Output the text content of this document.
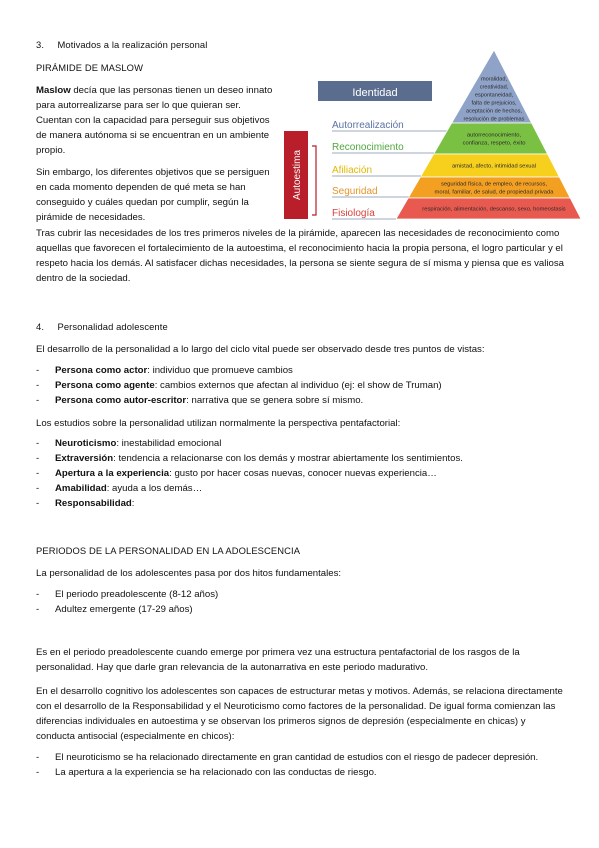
3. Motivados a la realización personal
PIRÁMIDE DE MASLOW

Maslow decía que las personas tienen un deseo innato para autorrealizarse para ser lo que quieran ser. Cuentan con la capacidad para perseguir sus objetivos de manera autónoma si se encuentran en un ambiente propio.

Sin embargo, los diferentes objetivos que se persiguen en cada momento dependen de qué meta se han conseguido y cuáles quedan por cumplir, según la pirámide de necesidades.

Identidad
Autoestima
moralidad,
creatividad,
espontaneidad,
falta de prejuicios,
aceptación de hechos,
resolución de problemas
Autorrealización
autorreconocimiento,
confianza, respeto, éxito
Reconocimiento
amistad, afecto, intimidad sexual
Afiliación
seguridad física, de empleo, de recursos,
moral, familiar, de salud, de propiedad privada
Seguridad
respiración, alimentación, descanso, sexo, homeostasis
Fisiología
Tras cubrir las necesidades de los tres primeros niveles de la pirámide, aparecen las necesidades de reconocimiento como aquellas que favorecen el fortalecimiento de la autoestima, el reconocimiento hacia la propia persona, el logro particular y el respeto hacia los demás. Al satisfacer dichas necesidades, la persona se siente segura de sí misma y piensa que es valiosa dentro de la sociedad.
4. Personalidad adolescente
El desarrollo de la personalidad a lo largo del ciclo vital puede ser observado desde tres puntos de vistas:
- Persona como actor: individuo que promueve cambios
- Persona como agente: cambios externos que afectan al individuo (ej: el show de Truman)
- Persona como autor-escritor: narrativa que se genera sobre sí mismo.
Los estudios sobre la personalidad utilizan normalmente la perspectiva pentafactorial:
- Neuroticismo: inestabilidad emocional
- Extraversión: tendencia a relacionarse con los demás y mostrar abiertamente los sentimientos.
- Apertura a la experiencia: gusto por hacer cosas nuevas, conocer nuevas experiencia…
- Amabilidad: ayuda a los demás…
- Responsabilidad:
PERIODOS DE LA PERSONALIDAD EN LA ADOLESCENCIA
La personalidad de los adolescentes pasa por dos hitos fundamentales:
- El periodo preadolescente (8-12 años)
- Adultez emergente (17-29 años)
Es en el periodo preadolescente cuando emerge por primera vez una estructura pentafactorial de los rasgos de la personalidad. Hay que darle gran relevancia de la autonarrativa en este periodo madurativo.
En el desarrollo cognitivo los adolescentes son capaces de estructurar metas y motivos. Además, se relaciona directamente con el desarrollo de la Responsabilidad y el Neuroticismo como factores de la personalidad. De igual forma comienzan las diferencias individuales en autoestima y se observan los primeros signos de depresión (especialmente en chicas) y conducta antisocial (especialmente en chicos):
- El neuroticismo se ha relacionado directamente en gran cantidad de estudios con el riesgo de padecer depresión.
- La apertura a la experiencia se ha relacionado con las conductas de riesgo.
